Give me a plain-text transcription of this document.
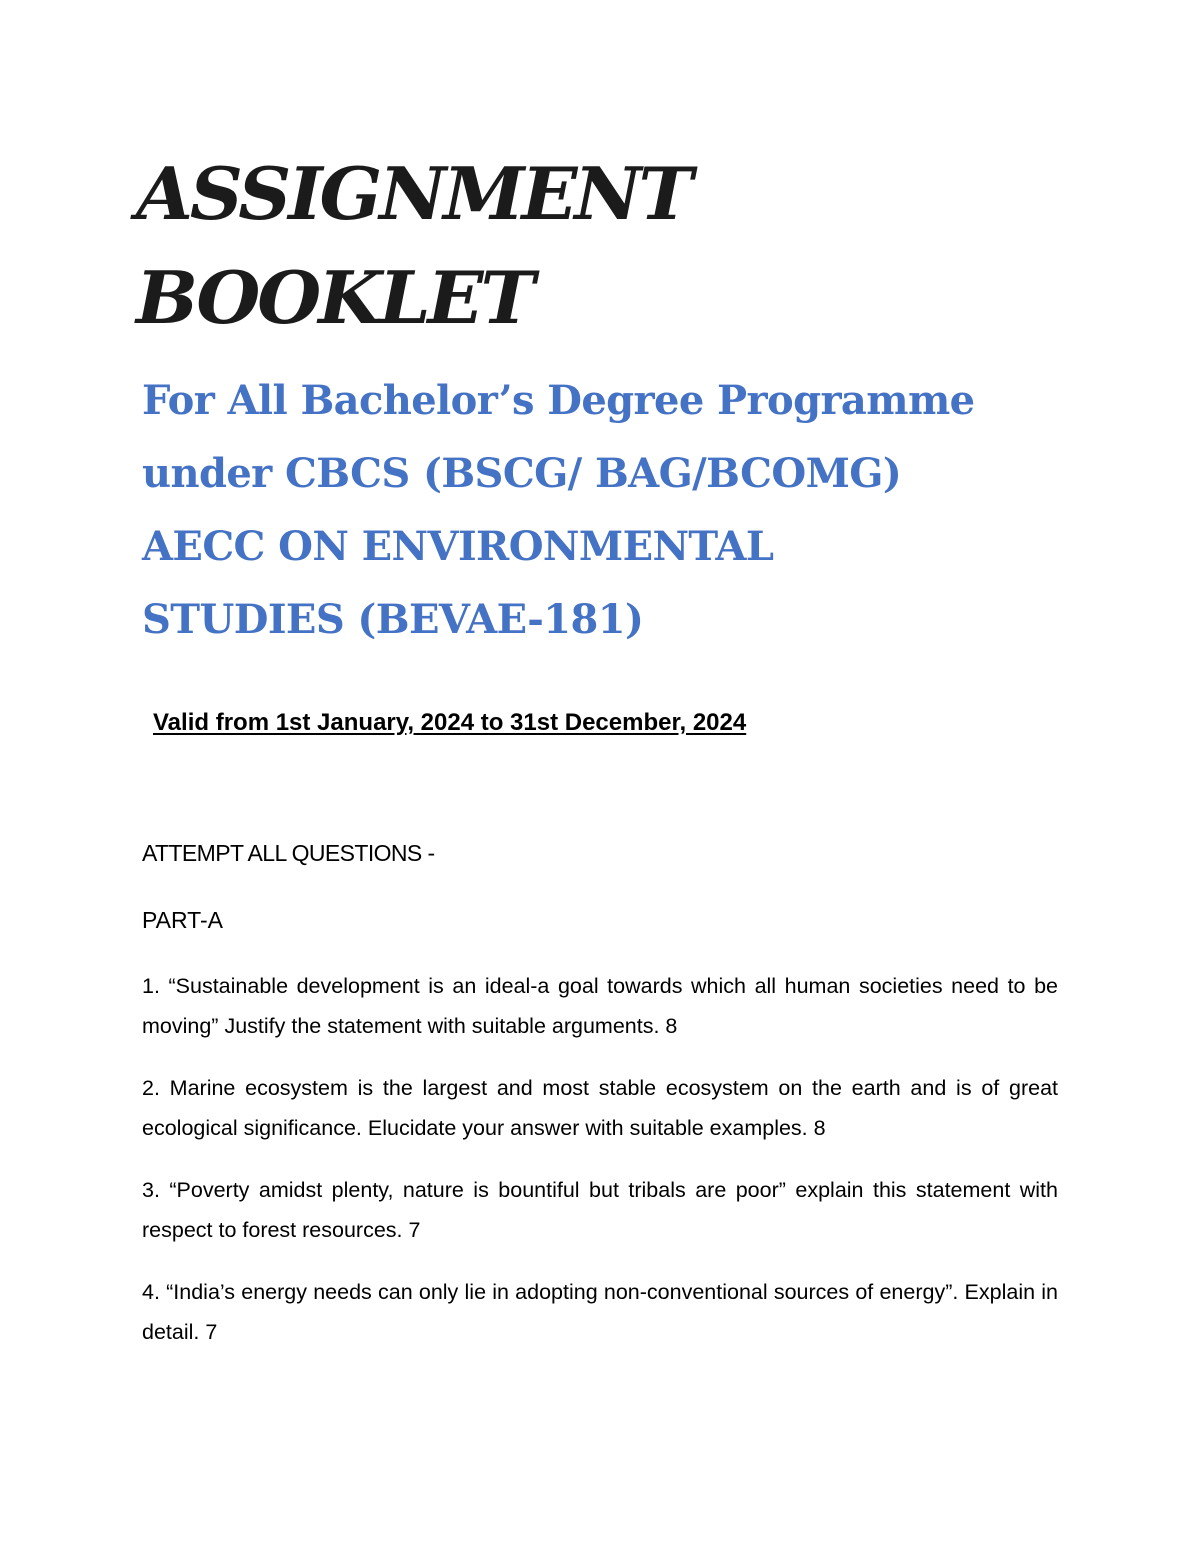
ASSIGNMENT
BOOKLET
For All Bachelor’s Degree Programme
under CBCS (BSCG/ BAG/BCOMG)
AECC ON ENVIRONMENTAL
STUDIES (BEVAE-181)

Valid from 1st January, 2024 to 31st December, 2024

ATTEMPT ALL QUESTIONS -

PART-A

1. “Sustainable development is an ideal-a goal towards which all human societies need to be moving” Justify the statement with suitable arguments. 8
2. Marine ecosystem is the largest and most stable ecosystem on the earth and is of great ecological significance. Elucidate your answer with suitable examples. 8
3. “Poverty amidst plenty, nature is bountiful but tribals are poor” explain this statement with respect to forest resources. 7
4. “India’s energy needs can only lie in adopting non-conventional sources of energy”. Explain in detail. 7
